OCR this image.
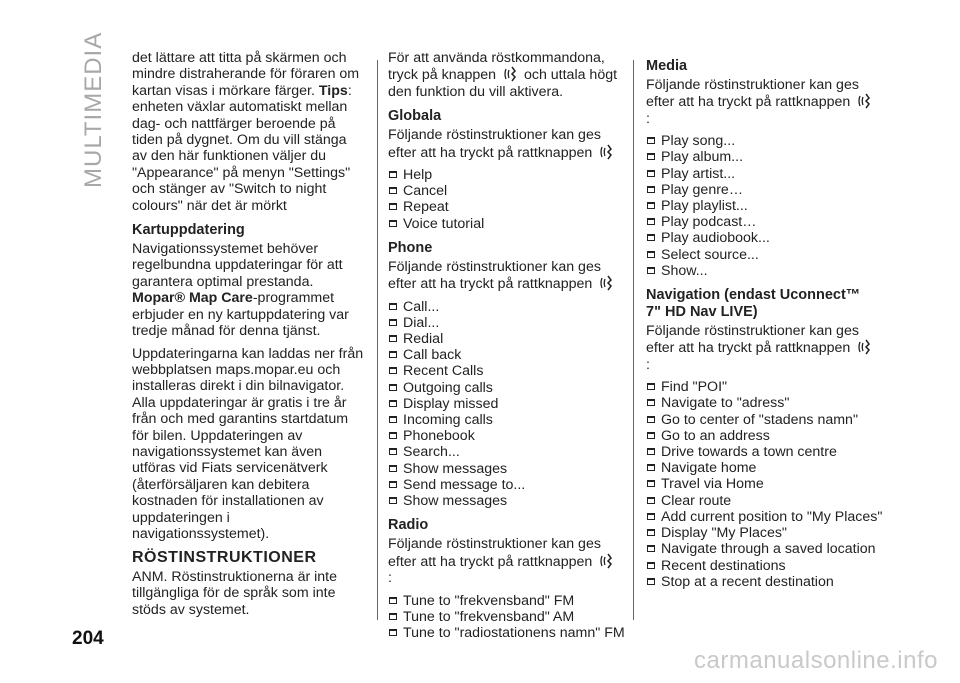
MULTIMEDIA det lättare att titta på skärmen och mindre distraherande för föraren om kartan visas i mörkare färger. Tips: enheten växlar automatiskt mellan dag- och nattfärger beroende på tiden på dygnet. Om du vill stänga av den här funktionen väljer du "Appearance" på menyn "Settings" och stänger av "Switch to night colours" när det är mörkt

Kartuppdatering

Navigationssystemet behöver regelbundna uppdateringar för att garantera optimal prestanda. Mopar® Map Care-programmet erbjuder en ny kartuppdatering var tredje månad för denna tjänst.

Uppdateringarna kan laddas ner från webbplatsen maps.mopar.eu och installeras direkt i din bilnavigator. Alla uppdateringar är gratis i tre år från och med garantins startdatum för bilen. Uppdateringen av navigationssystemet kan även utföras vid Fiats servicenätverk (återförsäljaren kan debitera kostnaden för installationen av uppdateringen i navigationssystemet).

RÖSTINSTRUKTIONER

ANM. Röstinstruktionerna är inte tillgängliga för de språk som inte stöds av systemet.

För att använda röstkommandona, tryck på knappen och uttala högt den funktion du vill aktivera.

Globala

Följande röstinstruktioner kan ges efter att ha tryckt på rattknappen

Help
Cancel
Repeat
Voice tutorial
Phone

Följande röstinstruktioner kan ges efter att ha tryckt på rattknappen

Call...
Dial...
Redial
Call back
Recent Calls
Outgoing calls
Display missed
Incoming calls
Phonebook
Search...
Show messages
Send message to...
Show messages
Radio

Följande röstinstruktioner kan ges efter att ha tryckt på rattknappen :

Tune to "frekvensband" FM
Tune to "frekvensband" AM
Tune to "radiostationens namn" FM
Media

Följande röstinstruktioner kan ges efter att ha tryckt på rattknappen :

Play song...
Play album...
Play artist...
Play genre…
Play playlist...
Play podcast…
Play audiobook...
Select source...
Show...
Navigation (endast Uconnect™ 7" HD Nav LIVE)

Följande röstinstruktioner kan ges efter att ha tryckt på rattknappen :

Find "POI"
Navigate to "adress"
Go to center of "stadens namn"
Go to an address
Drive towards a town centre
Navigate home
Travel via Home
Clear route
Add current position to "My Places"
Display "My Places"
Navigate through a saved location
Recent destinations
Stop at a recent destination
204
carmanualsonline.info
